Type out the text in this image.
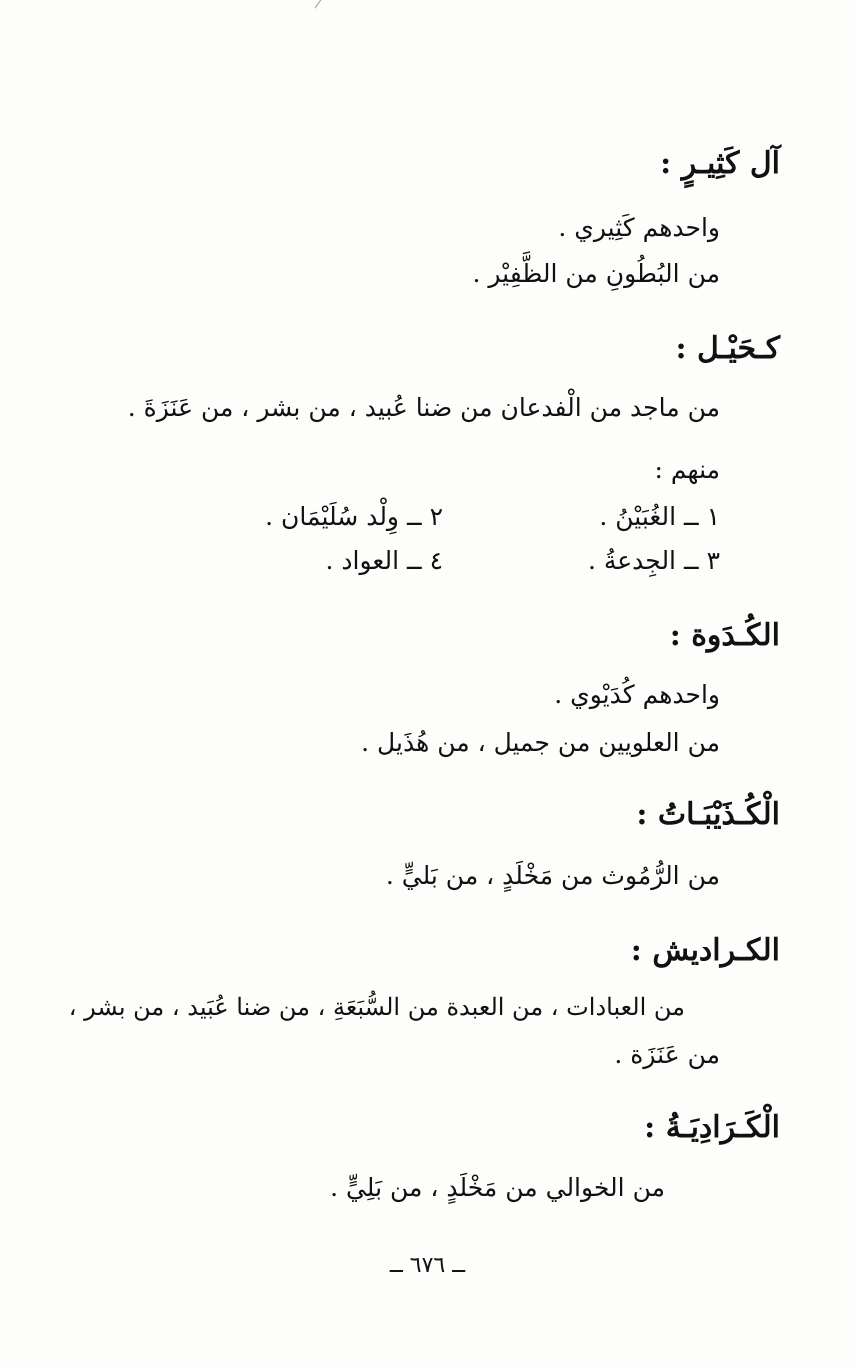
آل كَثِيـرٍ :
واحدهم كَثِيري .
من البُطُونِ من الظَّفِيْر .
كـحَيْـل :
من ماجد من الْفدعان من ضنا عُبيد ، من بشر ، من عَنَزَةَ .
منهم :
١ ــ الغُبَيْنُ .
٢ ــ وِلْد سُلَيْمَان .
٣ ــ الجِدعةُ .
٤ ــ العواد .
الكُـدَوة :
واحدهم كُدَيْوي .
من العلويين من جميل ، من هُذَيل .
الْكُـذَيْبَـاتُ :
من الرُّمُوث من مَخْلَدٍ ، من بَليٍّ .
الكـراديش :
من العبادات ، من العبدة من السُّبَعَةِ ، من ضنا عُبَيد ، من بشر ،
من عَنَزَة .
الْكَـرَادِيَـةُ :
من الخوالي من مَخْلَدٍ ، من بَلِيٍّ .
ــ ٦٧٦ ــ
